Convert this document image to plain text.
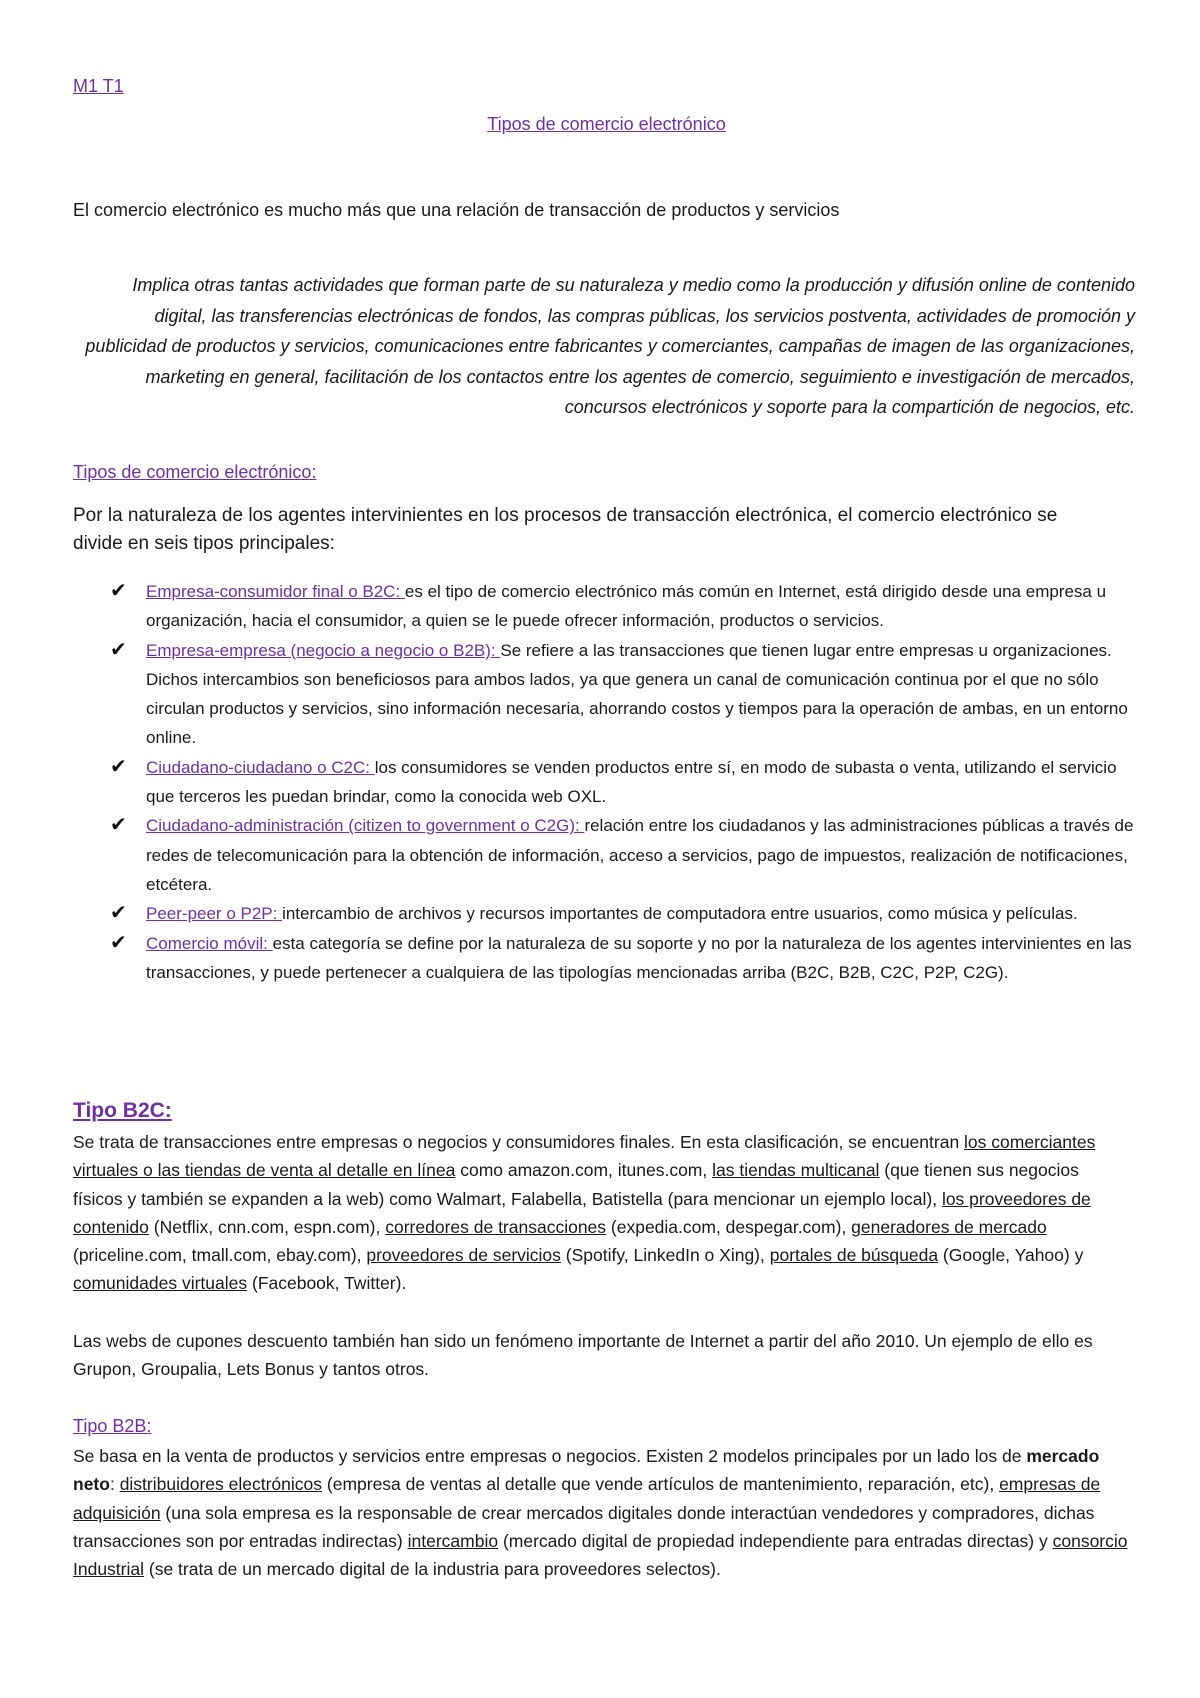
M1 T1
Tipos de comercio electrónico
El comercio electrónico es mucho más que una relación de transacción de productos y servicios

Implica otras tantas actividades que forman parte de su naturaleza y medio como la producción y difusión online de contenido digital, las transferencias electrónicas de fondos, las compras públicas, los servicios postventa, actividades de promoción y publicidad de productos y servicios, comunicaciones entre fabricantes y comerciantes, campañas de imagen de las organizaciones, marketing en general, facilitación de los contactos entre los agentes de comercio, seguimiento e investigación de mercados, concursos electrónicos y soporte para la compartición de negocios, etc.

Tipos de comercio electrónico:
Por la naturaleza de los agentes intervinientes en los procesos de transacción electrónica, el comercio electrónico se divide en seis tipos principales:
✔ Empresa-consumidor final o B2C: es el tipo de comercio electrónico más común en Internet, está dirigido desde una empresa u organización, hacia el consumidor, a quien se le puede ofrecer información, productos o servicios.
✔ Empresa-empresa (negocio a negocio o B2B): Se refiere a las transacciones que tienen lugar entre empresas u organizaciones. Dichos intercambios son beneficiosos para ambos lados, ya que genera un canal de comunicación continua por el que no sólo circulan productos y servicios, sino información necesaria, ahorrando costos y tiempos para la operación de ambas, en un entorno online.
✔ Ciudadano-ciudadano o C2C: los consumidores se venden productos entre sí, en modo de subasta o venta, utilizando el servicio que terceros les puedan brindar, como la conocida web OXL.
✔ Ciudadano-administración (citizen to government o C2G): relación entre los ciudadanos y las administraciones públicas a través de redes de telecomunicación para la obtención de información, acceso a servicios, pago de impuestos, realización de notificaciones, etcétera.
✔ Peer-peer o P2P: intercambio de archivos y recursos importantes de computadora entre usuarios, como música y películas.
✔ Comercio móvil: esta categoría se define por la naturaleza de su soporte y no por la naturaleza de los agentes intervinientes en las transacciones, y puede pertenecer a cualquiera de las tipologías mencionadas arriba (B2C, B2B, C2C, P2P, C2G).
Tipo B2C:
Se trata de transacciones entre empresas o negocios y consumidores finales. En esta clasificación, se encuentran los comerciantes virtuales o las tiendas de venta al detalle en línea como amazon.com, itunes.com, las tiendas multicanal (que tienen sus negocios físicos y también se expanden a la web) como Walmart, Falabella, Batistella (para mencionar un ejemplo local), los proveedores de contenido (Netflix, cnn.com, espn.com), corredores de transacciones (expedia.com, despegar.com), generadores de mercado (priceline.com, tmall.com, ebay.com), proveedores de servicios (Spotify, LinkedIn o Xing), portales de búsqueda (Google, Yahoo) y comunidades virtuales (Facebook, Twitter).
Las webs de cupones descuento también han sido un fenómeno importante de Internet a partir del año 2010. Un ejemplo de ello es Grupon, Groupalia, Lets Bonus y tantos otros.
Tipo B2B:
Se basa en la venta de productos y servicios entre empresas o negocios. Existen 2 modelos principales por un lado los de mercado neto: distribuidores electrónicos (empresa de ventas al detalle que vende artículos de mantenimiento, reparación, etc), empresas de adquisición (una sola empresa es la responsable de crear mercados digitales donde interactúan vendedores y compradores, dichas transacciones son por entradas indirectas) intercambio (mercado digital de propiedad independiente para entradas directas) y consorcio Industrial (se trata de un mercado digital de la industria para proveedores selectos).
